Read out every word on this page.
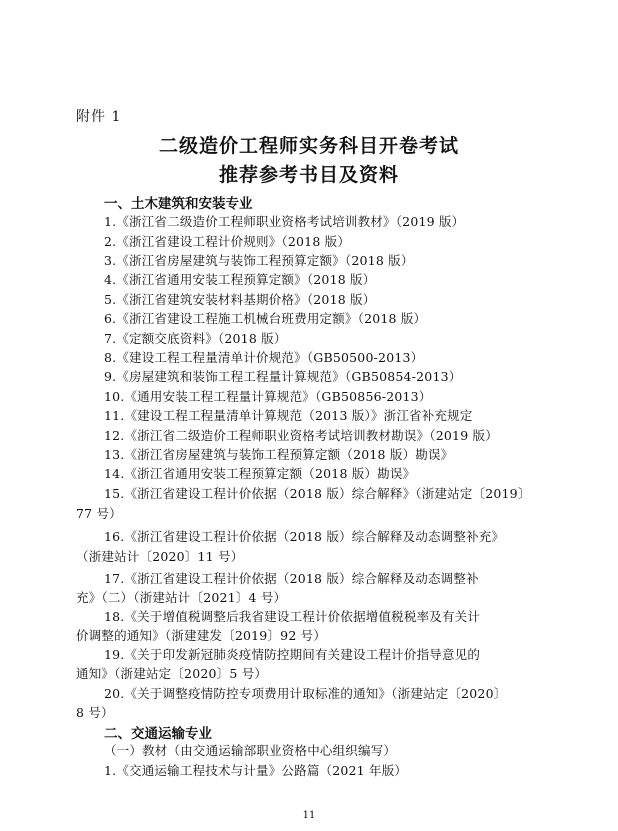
附件 1
二级造价工程师实务科目开卷考试
推荐参考书目及资料
一、土木建筑和安装专业
1.《浙江省二级造价工程师职业资格考试培训教材》（2019 版）
2.《浙江省建设工程计价规则》（2018 版）
3.《浙江省房屋建筑与装饰工程预算定额》（2018 版）
4.《浙江省通用安装工程预算定额》（2018 版）
5.《浙江省建筑安装材料基期价格》（2018 版）
6.《浙江省建设工程施工机械台班费用定额》（2018 版）
7.《定额交底资料》（2018 版）
8.《建设工程工程量清单计价规范》（GB50500-2013）
9.《房屋建筑和装饰工程工程量计算规范》（GB50854-2013）
10.《通用安装工程工程量计算规范》（GB50856-2013）
11.《建设工程工程量清单计算规范（2013 版）》浙江省补充规定
12.《浙江省二级造价工程师职业资格考试培训教材勘误》（2019 版）
13.《浙江省房屋建筑与装饰工程预算定额（2018 版）勘误》
14.《浙江省通用安装工程预算定额（2018 版）勘误》
15.《浙江省建设工程计价依据（2018 版）综合解释》（浙建站定〔2019〕
77 号）
16.《浙江省建设工程计价依据（2018 版）综合解释及动态调整补充》
（浙建站计〔2020〕11 号）
17.《浙江省建设工程计价依据（2018 版）综合解释及动态调整补
充》（二）（浙建站计〔2021〕4 号）
18.《关于增值税调整后我省建设工程计价依据增值税税率及有关计
价调整的通知》（浙建建发〔2019〕92 号）
19.《关于印发新冠肺炎疫情防控期间有关建设工程计价指导意见的
通知》（浙建站定〔2020〕5 号）
20.《关于调整疫情防控专项费用计取标准的通知》（浙建站定〔2020〕
8 号）
二、交通运输专业
（一）教材（由交通运输部职业资格中心组织编写）
1.《交通运输工程技术与计量》公路篇（2021 年版）
11
